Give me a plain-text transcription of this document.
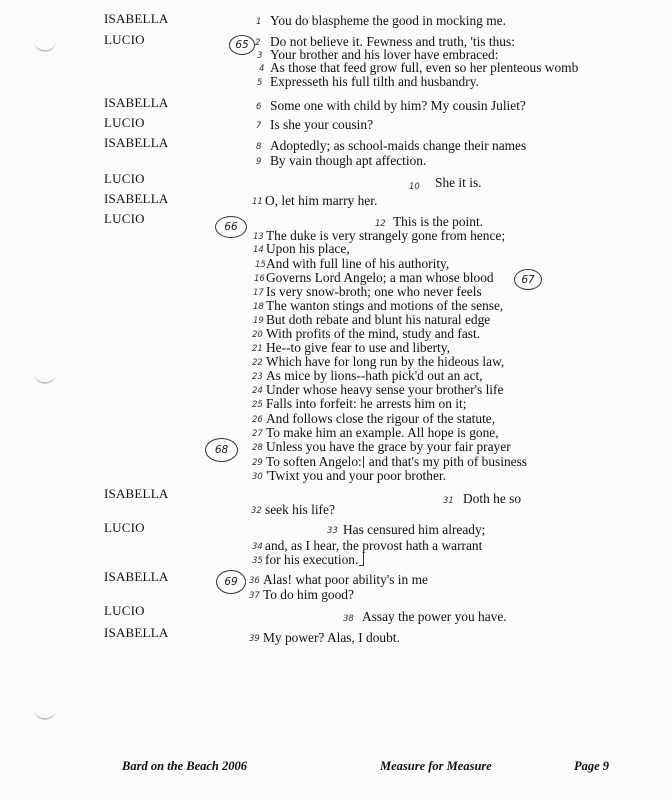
ISABELLA
LUCIO
ISABELLA
LUCIO
ISABELLA
LUCIO
ISABELLA
LUCIO
ISABELLA
LUCIO
ISABELLA
LUCIO
ISABELLA
65
66
67
68
69
1
2
3
4
5
6
7
8
9
10
11
12
13
14
15
16
17
18
19
20
21
22
23
24
25
26
27
28
29
30
31
32
33
34
35
36
37
38
39
You do blaspheme the good in mocking me.
Do not believe it. Fewness and truth, 'tis thus:
Your brother and his lover have embraced:
As those that feed grow full, even so her plenteous womb
Expresseth his full tilth and husbandry.
Some one with child by him? My cousin Juliet?
Is she your cousin?
Adoptedly; as school-maids change their names
By vain though apt affection.
She it is.
O, let him marry her.
This is the point.
The duke is very strangely gone from hence;
Upon his place,
And with full line of his authority,
Governs Lord Angelo; a man whose blood
Is very snow-broth; one who never feels
The wanton stings and motions of the sense,
But doth rebate and blunt his natural edge
With profits of the mind, study and fast.
He--to give fear to use and liberty,
Which have for long run by the hideous law,
As mice by lions--hath pick'd out an act,
Under whose heavy sense your brother's life
Falls into forfeit: he arrests him on it;
And follows close the rigour of the statute,
To make him an example. All hope is gone,
Unless you have the grace by your fair prayer
To soften Angelo: and that's my pith of business
'Twixt you and your poor brother.
Doth he so
seek his life?
Has censured him already;
and, as I hear, the provost hath a warrant
for his execution.
Alas! what poor ability's in me
To do him good?
Assay the power you have.
My power? Alas, I doubt.
Bard on the Beach 2006	Measure for Measure	Page 9
